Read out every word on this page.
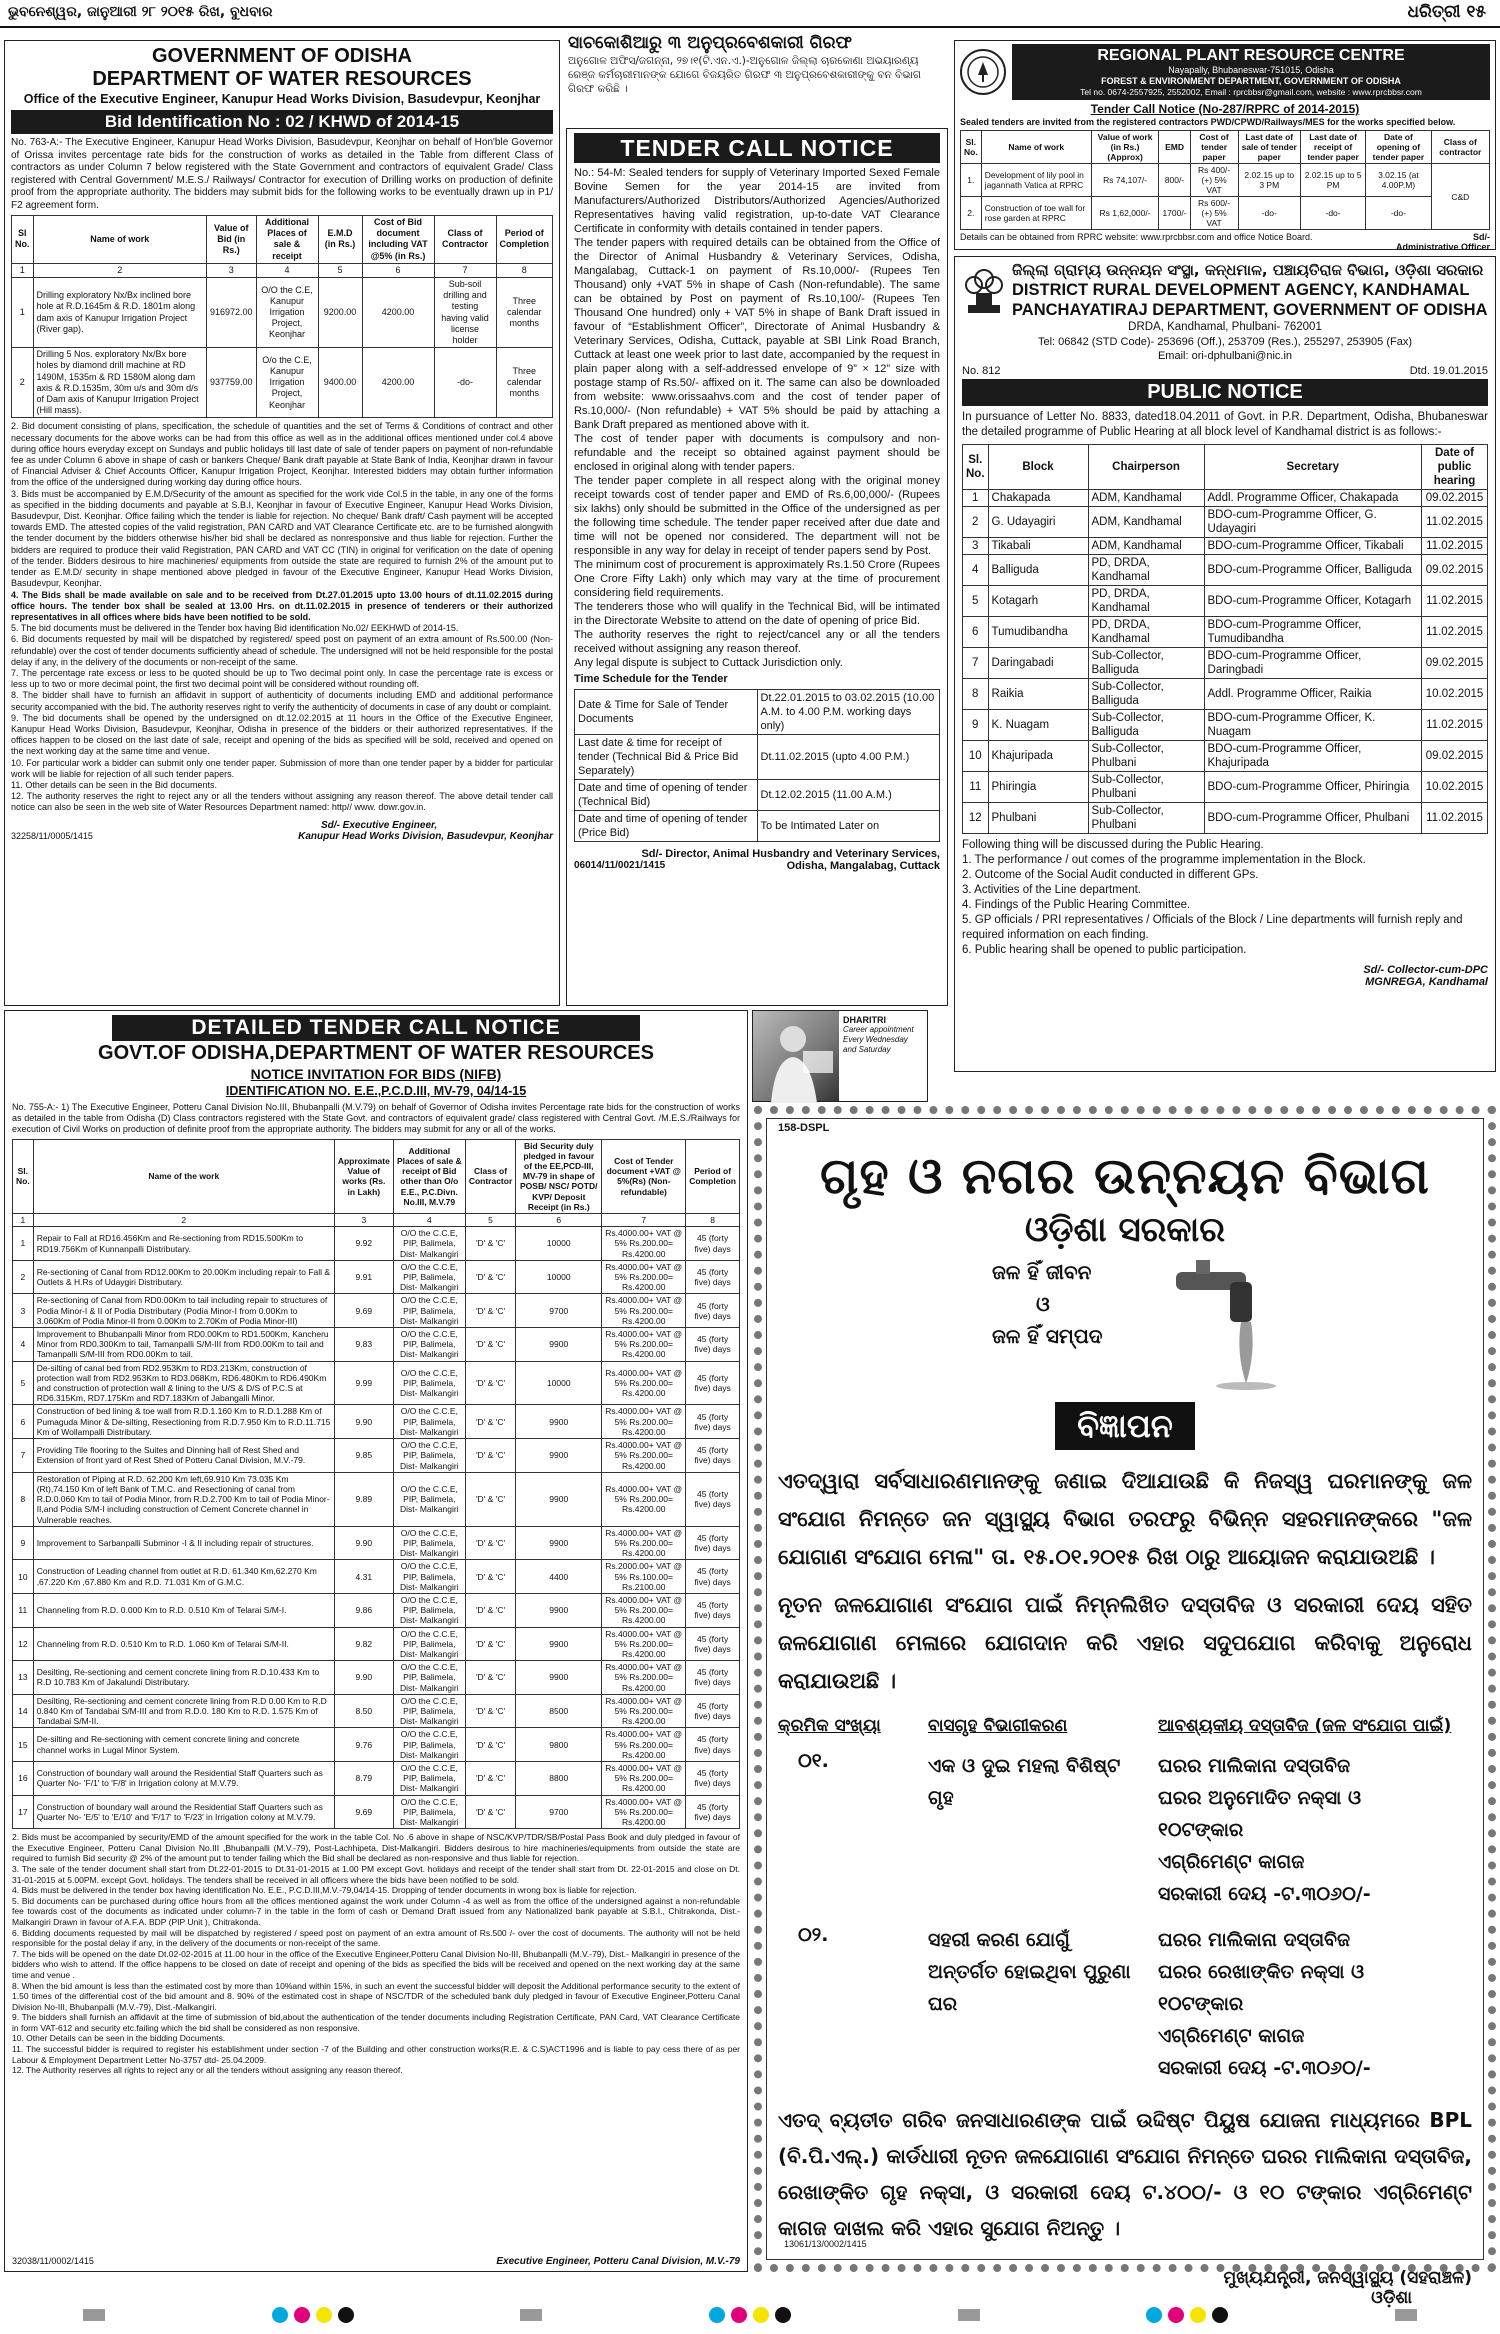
ଭୁବନେଶ୍ୱର, ଜାନୁଆରୀ ୨୮ ୨୦୧୫ ରିଖ, ବୁଧବାର	ଧରିତ୍ରୀ ୧୫
GOVERNMENT OF ODISHA
DEPARTMENT OF WATER RESOURCES
Office of the Executive Engineer, Kanupur Head Works Division, Basudevpur, Keonjhar
Bid Identification No : 02 / KHWD of 2014-15
No. 763-A:- The Executive Engineer, Kanupur Head Works Division, Basudevpur, Keonjhar on behalf of Hon'ble Governor of Orissa invites percentage rate bids for the construction of works as detailed in the Table from different Class of contractors as under Column 7 below registered with the State Government and contractors of equivalent Grade/ Class registered with Central Government/ M.E.S./ Railways/ Contractor for execution of Drilling works on production of definite proof from the appropriate authority. The bidders may submit bids for the following works to be eventually drawn up in P1/ F2 agreement form.
Sl No.	Name of work	Value of Bid (in Rs.)	Additional Places of sale & receipt	E.M.D (in Rs.)	Cost of Bid document including VAT @5% (in Rs.)	Class of Contractor	Period of Completion
1	2	3	4	5	6	7	8
1	Drilling exploratory Nx/Bx inclined bore hole at R.D.1645m & R.D. 1801m along dam axis of Kanupur Irrigation Project (River gap).	916972.00	O/O the C.E, Kanupur Irrigation Project, Keonjhar	9200.00	4200.00	Sub-soil drilling and testing having valid license holder	Three calendar months
2	Drilling 5 Nos. exploratory Nx/Bx bore holes by diamond drill machine at RD 1490M, 1535m & RD 1580M along dam axis & R.D.1535m, 30m u/s and 30m d/s of Dam axis of Kanupur Irrigation Project (Hill mass).	937759.00	O/o the C.E, Kanupur Irrigation Project, Keonjhar	9400.00	4200.00	-do-	Three calendar months
2. Bid document consisting of plans, specification, the schedule of quantities and the set of Terms & Conditions of contract and other necessary documents for the above works can be had from this office as well as in the additional offices mentioned under col.4 above during office hours everyday except on Sundays and public holidays till last date of sale of tender papers on payment of non-refundable fee as under Column 6 above in shape of cash or bankers Cheque/ Bank draft payable at State Bank of India, Keonjhar drawn in favour of Financial Adviser & Chief Accounts Officer, Kanupur Irrigation Project, Keonjhar. Interested bidders may obtain further information from the office of the undersigned during working day during office hours.
3. Bids must be accompanied by E.M.D/Security of the amount as specified for the work vide Col.5 in the table, in any one of the forms as specified in the bidding documents and payable at S.B.I, Keonjhar in favour of Executive Engineer, Kanupur Head Works Division, Basudevpur, Dist. Keonjhar. Office failing which the tender is liable for rejection. No cheque/ Bank draft/ Cash payment will be accepted towards EMD. The attested copies of the valid registration, PAN CARD and VAT Clearance Certificate etc. are to be furnished alongwith the tender document by the bidders otherwise his/her bid shall be declared as nonresponsive and thus liable for rejection. Further the bidders are required to produce their valid Registration, PAN CARD and VAT CC (TIN) in original for verification on the date of opening of the tender. Bidders desirous to hire machineries/ equipments from outside the state are required to furnish 2% of the amount put to tender as E.M.D/ security in shape mentioned above pledged in favour of the Executive Engineer, Kanupur Head Works Division, Basudevpur, Keonjhar.
4. The Bids shall be made available on sale and to be received from Dt.27.01.2015 upto 13.00 hours of dt.11.02.2015 during office hours. The tender box shall be sealed at 13.00 Hrs. on dt.11.02.2015 in presence of tenderers or their authorized representatives in all offices where bids have been notified to be sold.
5. The bid documents must be delivered in the Tender box having Bid identification No.02/ EEKHWD of 2014-15.
6. Bid documents requested by mail will be dispatched by registered/ speed post on payment of an extra amount of Rs.500.00 (Non-refundable) over the cost of tender documents sufficiently ahead of schedule. The undersigned will not be held responsible for the postal delay if any, in the delivery of the documents or non-receipt of the same.
7. The percentage rate excess or less to be quoted should be up to Two decimal point only. In case the percentage rate is excess or less up to two or more decimal point, the first two decimal point will be considered without rounding off.
8. The bidder shall have to furnish an affidavit in support of authenticity of documents including EMD and additional performance security accompanied with the bid. The authority reserves right to verify the authenticity of documents in case of any doubt or complaint.
9. The bid documents shall be opened by the undersigned on dt.12.02.2015 at 11 hours in the Office of the Executive Engineer, Kanupur Head Works Division, Basudevpur, Keonjhar, Odisha in presence of the bidders or their authorized representatives. If the offices happen to be closed on the last date of sale, receipt and opening of the bids as specified will be sold, received and opened on the next working day at the same time and venue.
10. For particular work a bidder can submit only one tender paper. Submission of more than one tender paper by a bidder for particular work will be liable for rejection of all such tender papers.
11. Other details can be seen in the Bid documents.
12. The authority reserves the right to reject any or all the tenders without assigning any reason thereof. The above detail tender call notice can also be seen in the web site of Water Resources Department named: http// www. dowr.gov.in.
Sd/- Executive Engineer,
32258/11/0005/1415	Kanupur Head Works Division, Basudevpur, Keonjhar
ସାଚକୋଶିଆରୁ ୩ ଅନୁପ୍ରବେଶକାରୀ ଗିରଫ
ଅନୁଗୋଳ ଅଫିସ/ଜଗନ୍ନା, ୨୭।୧(ଟି.ଏନ.ଏ.)-ଅନୁଗୋଳ ଜିଲ୍ଲା ଚାରକୋଣା ଅଭୟାରଣ୍ୟ ରେଞ୍ଜ କର୍ମଚାରୀମାନଙ୍କ ଯୋଗେ ବିଜୟରିତ ଗିରଫ ୩ ଅନୁପ୍ରବେଶକାରୀଙ୍କୁ ବନ ବିଭାଗ ଗିରଫ କରିଛି ।
TENDER CALL NOTICE
No.: 54-M: Sealed tenders for supply of Veterinary Imported Sexed Female Bovine Semen for the year 2014-15 are invited from Manufacturers/Authorized Distributors/Authorized Agencies/Authorized Representatives having valid registration, up-to-date VAT Clearance Certificate in conformity with details contained in tender papers.
The tender papers with required details can be obtained from the Office of the Director of Animal Husbandry & Veterinary Services, Odisha, Mangalabag, Cuttack-1 on payment of Rs.10,000/- (Rupees Ten Thousand) only +VAT 5% in shape of Cash (Non-refundable). The same can be obtained by Post on payment of Rs.10,100/- (Rupees Ten Thousand One hundred) only + VAT 5% in shape of Bank Draft issued in favour of “Establishment Officer”, Directorate of Animal Husbandry & Veterinary Services, Odisha, Cuttack, payable at SBI Link Road Branch, Cuttack at least one week prior to last date, accompanied by the request in plain paper along with a self-addressed envelope of 9” × 12” size with postage stamp of Rs.50/- affixed on it. The same can also be downloaded from website: www.orissaahvs.com and the cost of tender paper of Rs.10,000/- (Non refundable) + VAT 5% should be paid by attaching a Bank Draft prepared as mentioned above with it.
The cost of tender paper with documents is compulsory and non-refundable and the receipt so obtained against payment should be enclosed in original along with tender papers.
The tender paper complete in all respect along with the original money receipt towards cost of tender paper and EMD of Rs.6,00,000/- (Rupees six lakhs) only should be submitted in the Office of the undersigned as per the following time schedule. The tender paper received after due date and time will not be opened nor considered. The department will not be responsible in any way for delay in receipt of tender papers send by Post.
The minimum cost of procurement is approximately Rs.1.50 Crore (Rupees One Crore Fifty Lakh) only which may vary at the time of procurement considering field requirements.
The tenderers those who will qualify in the Technical Bid, will be intimated in the Directorate Website to attend on the date of opening of price Bid.
The authority reserves the right to reject/cancel any or all the tenders received without assigning any reason thereof.
Any legal dispute is subject to Cuttack Jurisdiction only.
Time Schedule for the Tender
Date & Time for Sale of Tender Documents	Dt.22.01.2015 to 03.02.2015 (10.00 A.M. to 4.00 P.M. working days only)
Last date & time for receipt of tender (Technical Bid & Price Bid Separately)	Dt.11.02.2015 (upto 4.00 P.M.)
Date and time of opening of tender (Technical Bid)	Dt.12.02.2015 (11.00 A.M.)
Date and time of opening of tender (Price Bid)	To be Intimated Later on
Sd/- Director, Animal Husbandry and Veterinary Services,
06014/11/0021/1415	Odisha, Mangalabag, Cuttack
REGIONAL PLANT RESOURCE CENTRE
Nayapally, Bhubaneswar-751015, Odisha
FOREST & ENVIRONMENT DEPARTMENT, GOVERNMENT OF ODISHA
Tel no. 0674-2557925, 2552002, Email : rprcbbsr@gmail.com, website : www.rprcbbsr.com
Tender Call Notice (No-287/RPRC of 2014-2015)
Sealed tenders are invited from the registered contractors PWD/CPWD/Railways/MES for the works specified below.
Sl. No.	Name of work	Value of work (in Rs.) (Approx)	EMD	Cost of tender paper	Last date of sale of tender paper	Last date of receipt of tender paper	Date of opening of tender paper	Class of contractor
1.	Development of lily pool in jagannath Vatica at RPRC	Rs 74,107/-	800/-	Rs 400/- (+) 5% VAT	2.02.15 up to 3 PM	2.02.15 up to 5 PM	3.02.15 (at 4.00P.M)	C&D
2.	Construction of toe wall for rose garden at RPRC	Rs 1,62,000/-	1700/-	Rs 600/- (+) 5% VAT	-do-	-do-	-do-	
Details can be obtained from RPRC website: www.rprcbbsr.com and office Notice Board.	Sd/-
Administrative Officer
ଜିଲ୍ଲା ଗ୍ରାମ୍ୟ ଉନ୍ନୟନ ସଂସ୍ଥା, କନ୍ଧମାଳ, ପଞ୍ଚାୟତିରାଜ ବିଭାଗ, ଓଡ଼ିଶା ସରକାର
DISTRICT RURAL DEVELOPMENT AGENCY, KANDHAMAL
PANCHAYATIRAJ DEPARTMENT, GOVERNMENT OF ODISHA
DRDA, Kandhamal, Phulbani- 762001
Tel: 06842 (STD Code)- 253696 (Off.), 253709 (Res.), 255297, 253905 (Fax)
Email: ori-dphulbani@nic.in
No. 812	Dtd. 19.01.2015
PUBLIC NOTICE
In pursuance of Letter No. 8833, dated18.04.2011 of Govt. in P.R. Department, Odisha, Bhubaneswar the detailed programme of Public Hearing at all block level of Kandhamal district is as follows:-
Sl. No.	Block	Chairperson	Secretary	Date of public hearing
1	Chakapada	ADM, Kandhamal	Addl. Programme Officer, Chakapada	09.02.2015
2	G. Udayagiri	ADM, Kandhamal	BDO-cum-Programme Officer, G. Udayagiri	11.02.2015
3	Tikabali	ADM, Kandhamal	BDO-cum-Programme Officer, Tikabali	11.02.2015
4	Balliguda	PD, DRDA, Kandhamal	BDO-cum-Programme Officer, Balliguda	09.02.2015
5	Kotagarh	PD, DRDA, Kandhamal	BDO-cum-Programme Officer, Kotagarh	11.02.2015
6	Tumudibandha	PD, DRDA, Kandhamal	BDO-cum-Programme Officer, Tumudibandha	11.02.2015
7	Daringabadi	Sub-Collector, Balliguda	BDO-cum-Programme Officer, Daringbadi	09.02.2015
8	Raikia	Sub-Collector, Balliguda	Addl. Programme Officer, Raikia	10.02.2015
9	K. Nuagam	Sub-Collector, Balliguda	BDO-cum-Programme Officer, K. Nuagam	11.02.2015
10	Khajuripada	Sub-Collector, Phulbani	BDO-cum-Programme Officer, Khajuripada	09.02.2015
11	Phiringia	Sub-Collector, Phulbani	BDO-cum-Programme Officer, Phiringia	10.02.2015
12	Phulbani	Sub-Collector, Phulbani	BDO-cum-Programme Officer, Phulbani	11.02.2015
Following thing will be discussed during the Public Hearing.
1. The performance / out comes of the programme implementation in the Block.
2. Outcome of the Social Audit conducted in different GPs.
3. Activities of the Line department.
4. Findings of the Public Hearing Committee.
5. GP officials / PRI representatives / Officials of the Block / Line departments will furnish reply and required information on each finding.
6. Public hearing shall be opened to public participation.
Sd/- Collector-cum-DPC
MGNREGA, Kandhamal
DETAILED TENDER CALL NOTICE
GOVT.OF ODISHA,DEPARTMENT OF WATER RESOURCES
NOTICE INVITATION FOR BIDS (NIFB)
IDENTIFICATION NO. E.E.,P.C.D.III, MV-79, 04/14-15
No. 755-A:- 1) The Executive Engineer, Potteru Canal Division No.III, Bhubanpalli (M.V.79) on behalf of Governor of Odisha invites Percentage rate bids for the construction of works as detailed in the table from Odisha (D) Class contractors registered with the State Govt. and contractors of equivalent grade/ class registered with Central Govt. /M.E.S./Railways for execution of Civil Works on production of definite proof from the appropriate authority. The bidders may submit for any or all of the works.
Sl. No.	Name of the work	Approximate Value of works (Rs. in Lakh)	Additional Places of sale & receipt of Bid other than O/o E.E., P.C.Divn. No.III, M.V.79	Class of Contractor	Bid Security duly pledged in favour of the EE,PCD-III, MV-79 in shape of POSB/ NSC/ POTD/ KVP/ Deposit Receipt (in Rs.)	Cost of Tender document +VAT @ 5%(Rs) (Non-refundable)	Period of Completion
1	2	3	4	5	6	7	8
1	Repair to Fall at RD16.456Km and Re-sectioning from RD15.500Km to RD19.756Km of Kunnanpalli Distributary.	9.92	O/O the C.C.E, PIP, Balimela, Dist- Malkangiri	'D' & 'C'	10000	Rs.4000.00+ VAT @ 5% Rs.200.00= Rs.4200.00	45 (forty five) days
2	Re-sectioning of Canal from RD12.00Km to 20.00Km including repair to Fall & Outlets & H.Rs of Udaygiri Distributary.	9.91	O/O the C.C.E, PIP, Balimela, Dist- Malkangiri	'D' & 'C'	10000	Rs.4000.00+ VAT @ 5% Rs.200.00= Rs.4200.00	45 (forty five) days
3	Re-sectioning of Canal from RD0.00Km to tail including repair to structures of Podia Minor-I & II of Podia Distributary (Podia Minor-I from 0.00Km to 3.060Km of Podia Minor-II from 0.00Km to 2.70Km of Podia Minor-III)	9.69	O/O the C.C.E, PIP, Balimela, Dist- Malkangiri	'D' & 'C'	9700	Rs.4000.00+ VAT @ 5% Rs.200.00= Rs.4200.00	45 (forty five) days
4	Improvement to Bhubanpalli Minor from RD0.00Km to RD1.500Km, Kancheru Minor from RD0.300Km to tail, Tamanpalli S/M-III from RD0.00Km to tail and Tamanpalli S/M-III from RD0.00Km to tail.	9.83	O/O the C.C.E, PIP, Balimela, Dist- Malkangiri	'D' & 'C'	9900	Rs.4000.00+ VAT @ 5% Rs.200.00= Rs.4200.00	45 (forty five) days
5	De-silting of canal bed from RD2.953Km to RD3.213Km, construction of protection wall from RD2.953Km to RD3.068Km, RD6.480Km to RD6.490Km and construction of protection wall & lining to the U/S & D/S of P.C.S at RD6.315Km, RD7.175Km and RD7.183Km of Jabangalli Minor.	9.99	O/O the C.C.E, PIP, Balimela, Dist- Malkangiri	'D' & 'C'	10000	Rs.4000.00+ VAT @ 5% Rs.200.00= Rs.4200.00	45 (forty five) days
6	Construction of bed lining & toe wall from R.D.1.160 Km to R.D.1.288 Km of Pumaguda Minor & De-silting, Resectioning from R.D.7.950 Km to R.D.11.715 Km of Wollampalli Distributary.	9.90	O/O the C.C.E, PIP, Balimela, Dist- Malkangiri	'D' & 'C'	9900	Rs.4000.00+ VAT @ 5% Rs.200.00= Rs.4200.00	45 (forty five) days
7	Providing Tile flooring to the Suites and Dinning hall of Rest Shed and Extension of front yard of Rest Shed of Potteru Canal Division, M.V.-79.	9.85	O/O the C.C.E, PIP, Balimela, Dist- Malkangiri	'D' & 'C'	9900	Rs.4000.00+ VAT @ 5% Rs.200.00= Rs.4200.00	45 (forty five) days
8	Restoration of Piping at R.D. 62.200 Km left,69.910 Km 73.035 Km (Rt),74.150 Km of left Bank of T.M.C. and Resectioning of canal from R.D.0.060 Km to tail of Podia Minor, from R.D.2.700 Km to tail of Podia Minor-II,and Podia S/M-I including construction of Cement Concrete channel in Vulnerable reaches.	9.89	O/O the C.C.E, PIP, Balimela, Dist- Malkangiri	'D' & 'C'	9900	Rs.4000.00+ VAT @ 5% Rs.200.00= Rs.4200.00	45 (forty five) days
9	Improvement to Sarbanpalli Subminor -I & II including repair of structures.	9.90	O/O the C.C.E, PIP, Balimela, Dist- Malkangiri	'D' & 'C'	9900	Rs.4000.00+ VAT @ 5% Rs.200.00= Rs.4200.00	45 (forty five) days
10	Construction of Leading channel from outlet at R.D. 61.340 Km,62.270 Km ,67.220 Km ,67.880 Km and R.D. 71.031 Km of G.M.C.	4.31	O/O the C.C.E, PIP, Balimela, Dist- Malkangiri	'D' & 'C'	4400	Rs.2000.00+ VAT @ 5% Rs.100.00= Rs.2100.00	45 (forty five) days
11	Channeling from R.D. 0.000 Km to R.D. 0.510 Km of Telarai S/M-I.	9.86	O/O the C.C.E, PIP, Balimela, Dist- Malkangiri	'D' & 'C'	9900	Rs.4000.00+ VAT @ 5% Rs.200.00= Rs.4200.00	45 (forty five) days
12	Channeling from R.D. 0.510 Km to R.D. 1.060 Km of Telarai S/M-II.	9.82	O/O the C.C.E, PIP, Balimela, Dist- Malkangiri	'D' & 'C'	9900	Rs.4000.00+ VAT @ 5% Rs.200.00= Rs.4200.00	45 (forty five) days
13	Desilting, Re-sectioning and cement concrete lining from R.D.10.433 Km to R.D 10.783 Km of Jakalundi Distributary.	9.90	O/O the C.C.E, PIP, Balimela, Dist- Malkangiri	'D' & 'C'	9900	Rs.4000.00+ VAT @ 5% Rs.200.00= Rs.4200.00	45 (forty five) days
14	Desilting, Re-sectioning and cement concrete lining from R.D 0.00 Km to R.D 0.840 Km of Tandabai S/M-III and from R.D.0. 180 Km to R.D. 1.575 Km of Tandabai S/M-II.	8.50	O/O the C.C.E, PIP, Balimela, Dist- Malkangiri	'D' & 'C'	8500	Rs.4000.00+ VAT @ 5% Rs.200.00= Rs.4200.00	45 (forty five) days
15	De-silting and Re-sectioning with cement concrete lining and concrete channel works in Lugal Minor System.	9.76	O/O the C.C.E, PIP, Balimela, Dist- Malkangiri	'D' & 'C'	9800	Rs.4000.00+ VAT @ 5% Rs.200.00= Rs.4200.00	45 (forty five) days
16	Construction of boundary wall around the Residential Staff Quarters such as Quarter No- 'F/1' to 'F/8' in Irrigation colony at M.V.79.	8.79	O/O the C.C.E, PIP, Balimela, Dist- Malkangiri	'D' & 'C'	8800	Rs.4000.00+ VAT @ 5% Rs.200.00= Rs.4200.00	45 (forty five) days
17	Construction of boundary wall around the Residential Staff Quarters such as Quarter No- 'E/5' to 'E/10' and 'F/17' to 'F/23' in Irrigation colony at M.V.79.	9.69	O/O the C.C.E, PIP, Balimela, Dist- Malkangiri	'D' & 'C'	9700	Rs.4000.00+ VAT @ 5% Rs.200.00= Rs.4200.00	45 (forty five) days
2. Bids must be accompanied by security/EMD of the amount specified for the work in the table Col. No .6 above in shape of NSC/KVP/TDR/SB/Postal Pass Book and duly pledged in favour of the Executive Engineer, Potteru Canal Division No.III ,Bhubanpalli (M.V.-79), Post-Lachhipeta, Dist-Malkangiri. Bidders desirous to hire machineries/equipments from outside the state are required to furnish Bid security @ 2% of the amount put to tender failing which the Bid shall be declared as non-responsive and thus liable for rejection.
3. The sale of the tender document shall start from Dt.22-01-2015 to Dt.31-01-2015 at 1.00 PM except Govt. holidays and receipt of the tender shall start from Dt. 22-01-2015 and close on Dt. 31-01-2015 at 5.00PM. except Govt. holidays. The tenders shall be received in all officers where the bids have been notified to be sold.
4. Bids must be delivered in the tender box having identification No. E.E., P.C.D.III,M.V.-79,04/14-15. Dropping of tender documents in wrong box is liable for rejection.
5. Bid documents can be purchased during office hours from all the offices mentioned against the work under Column -4 as well as from the office of the undersigned against a non-refundable fee towards cost of the documents as indicated under column-7 in the table in the form of cash or Demand Draft issued from any Nationalized bank payable at S.B.I., Chitrakonda, Dist.- Malkangiri Drawn in favour of A.F.A. BDP (PIP Unit ), Chitrakonda.
6. Bidding documents requested by mail will be dispatched by registered / speed post on payment of an extra amount of Rs.500 /- over the cost of documents. The authority will not be held responsible for the postal delay if any, in the delivery of the documents or non-receipt of the same.
7. The bids will be opened on the date Dt.02-02-2015 at 11.00 hour in the office of the Executive Engineer,Potteru Canal Division No-III, Bhubanpalli (M.V.-79), Dist.- Malkangiri in presence of the bidders who wish to attend. If the office happens to be closed on date of receipt and opening of the bids as specified the bids will be received and opened on the next working day at the same time and venue .
8. When the bid amount is less than the estimated cost by more than 10%and within 15%, in such an event the successful bidder will deposit the Additional performance security to the extent of 1.50 times of the differential cost of the bid amount and 8. 90% of the estimated cost in shape of NSC/TDR of the scheduled bank duly pledged in favour of Executive Engineer,Potteru Canal Division No-III, Bhubanpalli (M.V.-79), Dist.-Malkangiri.
9. The bidders shall furnish an affidavit at the time of submission of bid,about the authentication of the tender documents including Registration Certificate, PAN Card, VAT Clearance Certificate in form VAT-612 and security etc.failing which the bid shall be considered as non responsive.
10. Other Details can be seen in the bidding Documents.
11. The successful bidder is required to register his establishment under section -7 of the Building and other construction works(R.E. & C.S)ACT1996 and is liable to pay cess there of as per Labour & Employment Department Letter No-3757 dtd- 25.04.2009.
12. The Authority reserves all rights to reject any or all the tenders without assigning any reason thereof.
32038/11/0002/1415	Executive Engineer, Potteru Canal Division, M.V.-79
DHARITRI
Career appointment Every Wednesday and Saturday
158-DSPL
ଗୃହ ଓ ନଗର ଉନ୍ନୟନ ବିଭାଗ
ଓଡ଼ିଶା ସରକାର
ଜଳ ହିଁ ଜୀବନ
ଓ
ଜଳ ହିଁ ସମ୍ପଦ
ବିଜ୍ଞାପନ
ଏତଦ୍ୱାରା ସର୍ବସାଧାରଣମାନଙ୍କୁ ଜଣାଇ ଦିଆଯାଉଛି କି ନିଜସ୍ୱ ଘରମାନଙ୍କୁ ଜଳ ସଂଯୋଗ ନିମନ୍ତେ ଜନ ସ୍ୱାସ୍ଥ୍ୟ ବିଭାଗ ତରଫରୁ ବିଭିନ୍ନ ସହରମାନଙ୍କରେ "ଜଳ ଯୋଗାଣ ସଂଯୋଗ ମେଳା" ତା. ୧୫.୦୧.୨୦୧୫ ରିଖ ଠାରୁ ଆୟୋଜନ କରାଯାଉଅଛି ।
ନୂତନ ଜଳଯୋଗାଣ ସଂଯୋଗ ପାଇଁ ନିମ୍ନଲିଖିତ ଦସ୍ତାବିଜ ଓ ସରକାରୀ ଦେୟ ସହିତ ଜଳଯୋଗାଣ ମେଳାରେ ଯୋଗଦାନ କରି ଏହାର ସଦୁପଯୋଗ କରିବାକୁ ଅନୁରୋଧ କରାଯାଉଅଛି ।
କ୍ରମିକ ସଂଖ୍ୟା	ବାସଗୃହ ବିଭାଗୀକରଣ	ଆବଶ୍ୟକୀୟ ଦସ୍ତାବିଜ (ଜଳ ସଂଯୋଗ ପାଇଁ)
୦୧.	ଏକ ଓ ଦୁଇ ମହଲା ବିଶିଷ୍ଟ ଗୃହ
ଘରର ମାଲିକାନା ଦସ୍ତାବିଜ
ଘରର ଅନୁମୋଦିତ ନକ୍ସା ଓ
୧୦ଟଙ୍କାର
ଏଗ୍ରିମେଣ୍ଟ କାଗଜ
ସରକାରୀ ଦେୟ -ଟ.୩୦୬୦/-
୦୨.	ସହରୀ କରଣ ଯୋଗୁଁ ଅନ୍ତର୍ଗତ ହୋଇଥିବା ପୁରୁଣା ଘର
ଘରର ମାଲିକାନା ଦସ୍ତାବିଜ
ଘରର ରେଖାଙ୍କିତ ନକ୍ସା ଓ
୧୦ଟଙ୍କାର
ଏଗ୍ରିମେଣ୍ଟ କାଗଜ
ସରକାରୀ ଦେୟ -ଟ.୩୦୬୦/-
ଏତଦ୍ ବ୍ୟତୀତ ଗରିବ ଜନସାଧାରଣଙ୍କ ପାଇଁ ଉଦ୍ଦିଷ୍ଟ ପିୟୁଷ ଯୋଜନା ମାଧ୍ୟମରେ BPL (ବି.ପି.ଏଲ୍.) କାର୍ଡଧାରୀ ନୂତନ ଜଳଯୋଗାଣ ସଂଯୋଗ ନିମନ୍ତେ ଘରର ମାଲିକାନା ଦସ୍ତାବିଜ, ରେଖାଙ୍କିତ ଗୃହ ନକ୍ସା, ଓ ସରକାରୀ ଦେୟ ଟ.୪୦୦/- ଓ ୧୦ ଟଙ୍କାର ଏଗ୍ରିମେଣ୍ଟ କାଗଜ ଦାଖଲ କରି ଏହାର ସୁଯୋଗ ନିଅନ୍ତୁ ।
ମୁଖ୍ୟଯନ୍ତ୍ରୀ, ଜନସ୍ୱାସ୍ଥ୍ୟ (ସହରାଞ୍ଚଳ)
ଓଡ଼ିଶା
13061/13/0002/1415
